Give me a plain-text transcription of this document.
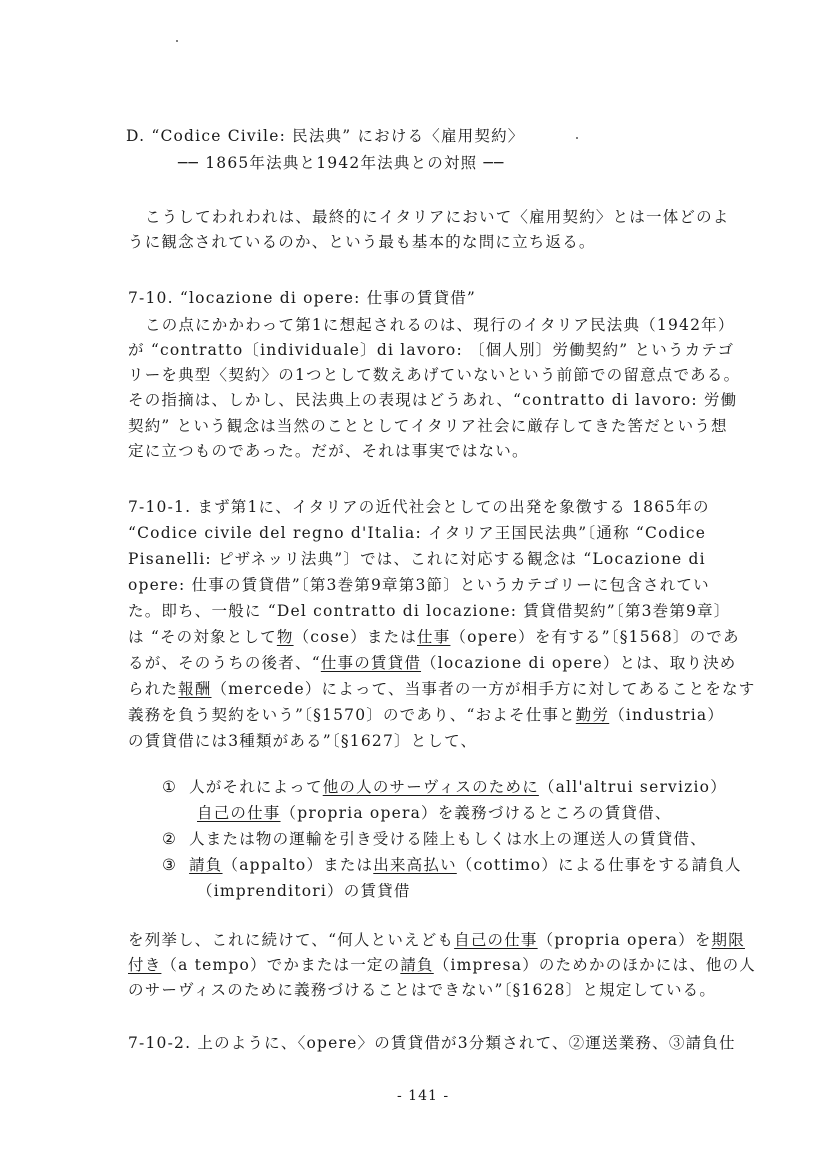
D. “Codice Civile: 民法典” における〈雇用契約〉
── 1865年法典と1942年法典との対照 ──
こうしてわれわれは、最終的にイタリアにおいて〈雇用契約〉とは一体どのよ
うに観念されているのか、という最も基本的な問に立ち返る。
7-10. “locazione di opere: 仕事の賃貸借”
この点にかかわって第1に想起されるのは、現行のイタリア民法典（1942年）
が “contratto〔individuale〕di lavoro: 〔個人別〕労働契約” というカテゴ
リーを典型〈契約〉の1つとして数えあげていないという前節での留意点である。
その指摘は、しかし、民法典上の表現はどうあれ、“contratto di lavoro: 労働
契約” という観念は当然のこととしてイタリア社会に厳存してきた筈だという想
定に立つものであった。だが、それは事実ではない。
7-10-1. まず第1に、イタリアの近代社会としての出発を象徴する 1865年の
“Codice civile del regno d'Italia: イタリア王国民法典”〔通称 “Codice
Pisanelli: ピザネッリ法典”〕では、これに対応する観念は “Locazione di
opere: 仕事の賃貸借”〔第3巻第9章第3節〕というカテゴリーに包含されてい
た。即ち、一般に “Del contratto di locazione: 賃貸借契約”〔第3巻第9章〕
は “その対象として物（cose）または仕事（opere）を有する”〔§1568〕のであ
るが、そのうちの後者、“仕事の賃貸借（locazione di opere）とは、取り決め
られた報酬（mercede）によって、当事者の一方が相手方に対してあることをなす
義務を負う契約をいう”〔§1570〕のであり、“およそ仕事と勤労（industria）
の賃貸借には3種類がある”〔§1627〕として、
① 人がそれによって他の人のサーヴィスのために（all'altrui servizio）
自己の仕事（propria opera）を義務づけるところの賃貸借、
② 人または物の運輸を引き受ける陸上もしくは水上の運送人の賃貸借、
③ 請負（appalto）または出来高払い（cottimo）による仕事をする請負人
（imprenditori）の賃貸借
を列挙し、これに続けて、“何人といえども自己の仕事（propria opera）を期限
付き（a tempo）でかまたは一定の請負（impresa）のためかのほかには、他の人
のサーヴィスのために義務づけることはできない”〔§1628〕と規定している。
7-10-2. 上のように、〈opere〉の賃貸借が3分類されて、②運送業務、③請負仕
- 141 -
